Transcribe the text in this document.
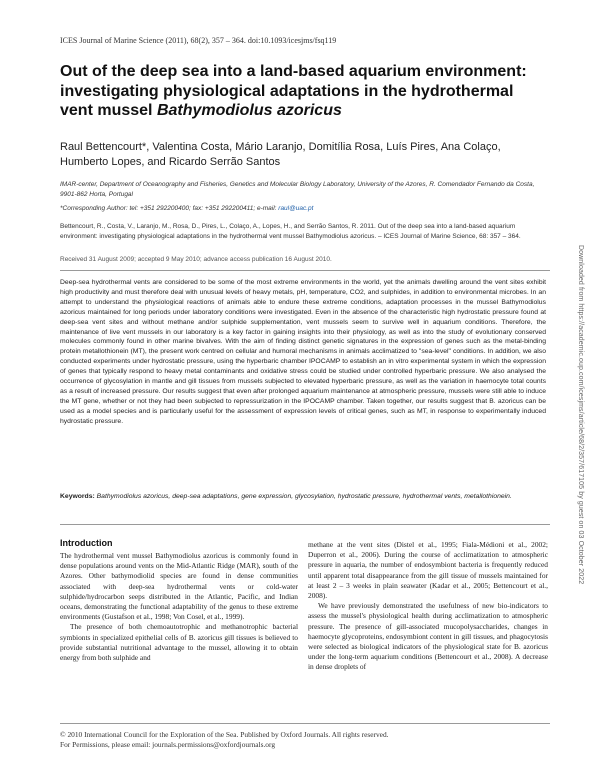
ICES Journal of Marine Science (2011), 68(2), 357 – 364. doi:10.1093/icesjms/fsq119
Out of the deep sea into a land-based aquarium environment: investigating physiological adaptations in the hydrothermal vent mussel Bathymodiolus azoricus
Raul Bettencourt*, Valentina Costa, Mário Laranjo, Domitília Rosa, Luís Pires, Ana Colaço, Humberto Lopes, and Ricardo Serrão Santos
IMAR-center, Department of Oceanography and Fisheries, Genetics and Molecular Biology Laboratory, University of the Azores, R. Comendador Fernando da Costa, 9901-862 Horta, Portugal
*Corresponding Author: tel: +351 292200400; fax: +351 292200411; e-mail: raul@uac.pt
Bettencourt, R., Costa, V., Laranjo, M., Rosa, D., Pires, L., Colaço, A., Lopes, H., and Serrão Santos, R. 2011. Out of the deep sea into a land-based aquarium environment: investigating physiological adaptations in the hydrothermal vent mussel Bathymodiolus azoricus. – ICES Journal of Marine Science, 68: 357 – 364.
Received 31 August 2009; accepted 9 May 2010; advance access publication 16 August 2010.
Deep-sea hydrothermal vents are considered to be some of the most extreme environments in the world, yet the animals dwelling around the vent sites exhibit high productivity and must therefore deal with unusual levels of heavy metals, pH, temperature, CO2, and sulphides, in addition to environmental microbes. In an attempt to understand the physiological reactions of animals able to endure these extreme conditions, adaptation processes in the mussel Bathymodiolus azoricus maintained for long periods under laboratory conditions were investigated. Even in the absence of the characteristic high hydrostatic pressure found at deep-sea vent sites and without methane and/or sulphide supplementation, vent mussels seem to survive well in aquarium conditions. Therefore, the maintenance of live vent mussels in our laboratory is a key factor in gaining insights into their physiology, as well as into the study of evolutionary conserved molecules commonly found in other marine bivalves. With the aim of finding distinct genetic signatures in the expression of genes such as the metal-binding protein metallothionein (MT), the present work centred on cellular and humoral mechanisms in animals acclimatized to "sea-level" conditions. In addition, we also conducted experiments under hydrostatic pressure, using the hyperbaric chamber IPOCAMP to establish an in vitro experimental system in which the expression of genes that typically respond to heavy metal contaminants and oxidative stress could be studied under controlled hyperbaric pressure. We also analysed the occurrence of glycosylation in mantle and gill tissues from mussels subjected to elevated hyperbaric pressure, as well as the variation in haemocyte total counts as a result of increased pressure. Our results suggest that even after prolonged aquarium maintenance at atmospheric pressure, mussels were still able to induce the MT gene, whether or not they had been subjected to repressurization in the IPOCAMP chamber. Taken together, our results suggest that B. azoricus can be used as a model species and is particularly useful for the assessment of expression levels of critical genes, such as MT, in response to experimentally induced hydrostatic pressure.
Keywords: Bathymodiolus azoricus, deep-sea adaptations, gene expression, glycosylation, hydrostatic pressure, hydrothermal vents, metallothionein.
Introduction

The hydrothermal vent mussel Bathymodiolus azoricus is commonly found in dense populations around vents on the Mid-Atlantic Ridge (MAR), south of the Azores. Other bathymodiolid species are found in dense communities associated with deep-sea hydrothermal vents or cold-water sulphide/hydrocarbon seeps distributed in the Atlantic, Pacific, and Indian oceans, demonstrating the functional adaptability of the genus to these extreme environments (Gustafson et al., 1998; Von Cosel, et al., 1999).

The presence of both chemoautotrophic and methanotrophic bacterial symbionts in specialized epithelial cells of B. azoricus gill tissues is believed to provide substantial nutritional advantage to the mussel, allowing it to obtain energy from both sulphide and

methane at the vent sites (Distel et al., 1995; Fiala-Médioni et al., 2002; Duperron et al., 2006). During the course of acclimatization to atmospheric pressure in aquaria, the number of endosymbiont bacteria is frequently reduced until apparent total disappearance from the gill tissue of mussels maintained for at least 2 – 3 weeks in plain seawater (Kadar et al., 2005; Bettencourt et al., 2008).

We have previously demonstrated the usefulness of new bio-indicators to assess the mussel's physiological health during acclimatization to atmospheric pressure. The presence of gill-associated mucopolysaccharides, changes in haemocyte glycoproteins, endosymbiont content in gill tissues, and phagocytosis were selected as biological indicators of the physiological state for B. azoricus under the long-term aquarium conditions (Bettencourt et al., 2008). A decrease in dense droplets of

© 2010 International Council for the Exploration of the Sea. Published by Oxford Journals. All rights reserved.
For Permissions, please email: journals.permissions@oxfordjournals.org
Downloaded from https://academic.oup.com/icesjms/article/68/2/357/617105 by guest on 03 October 2022
